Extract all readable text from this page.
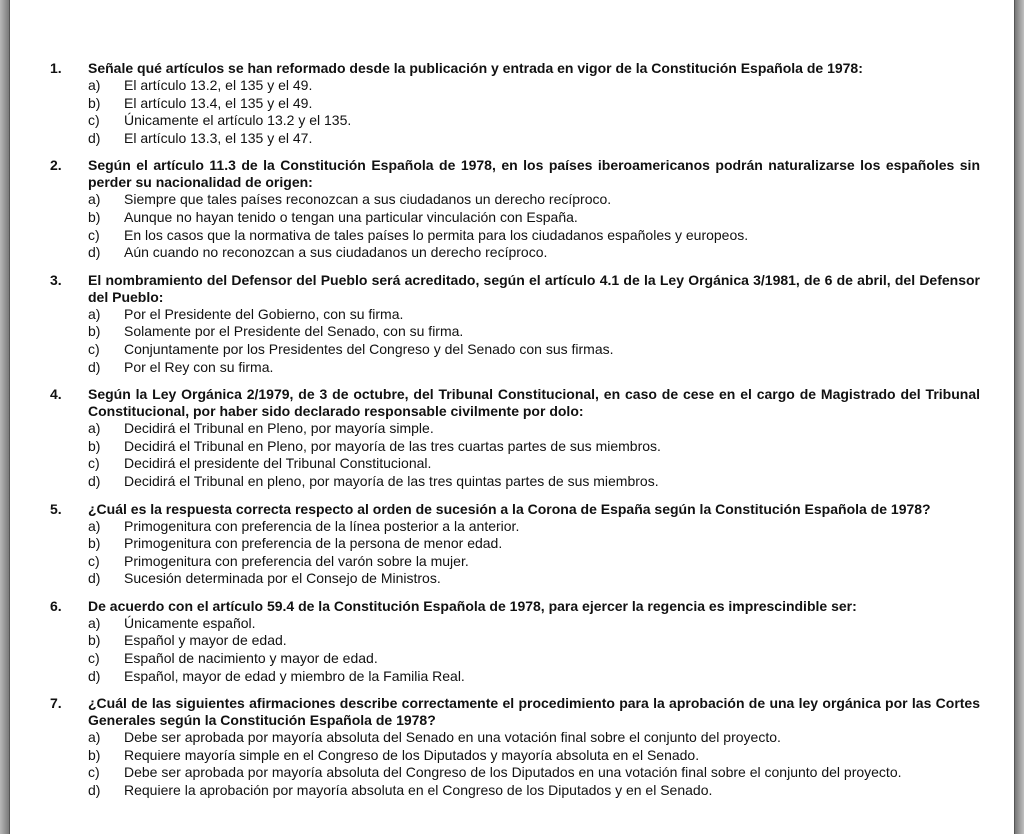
1.	Señale qué artículos se han reformado desde la publicación y entrada en vigor de la Constitución Española de 1978:
a)	El artículo 13.2, el 135 y el 49.
b)	El artículo 13.4, el 135 y el 49.
c)	Únicamente el artículo 13.2 y el 135.
d)	El artículo 13.3, el 135 y el 47.
2.	Según el artículo 11.3 de la Constitución Española de 1978, en los países iberoamericanos podrán naturalizarse los españoles sin perder su nacionalidad de origen:
a)	Siempre que tales países reconozcan a sus ciudadanos un derecho recíproco.
b)	Aunque no hayan tenido o tengan una particular vinculación con España.
c)	En los casos que la normativa de tales países lo permita para los ciudadanos españoles y europeos.
d)	Aún cuando no reconozcan a sus ciudadanos un derecho recíproco.
3.	El nombramiento del Defensor del Pueblo será acreditado, según el artículo 4.1 de la Ley Orgánica 3/1981, de 6 de abril, del Defensor del Pueblo:
a)	Por el Presidente del Gobierno, con su firma.
b)	Solamente por el Presidente del Senado, con su firma.
c)	Conjuntamente por los Presidentes del Congreso y del Senado con sus firmas.
d)	Por el Rey con su firma.
4.	Según la Ley Orgánica 2/1979, de 3 de octubre, del Tribunal Constitucional, en caso de cese en el cargo de Magistrado del Tribunal Constitucional, por haber sido declarado responsable civilmente por dolo:
a)	Decidirá el Tribunal en Pleno, por mayoría simple.
b)	Decidirá el Tribunal en Pleno, por mayoría de las tres cuartas partes de sus miembros.
c)	Decidirá el presidente del Tribunal Constitucional.
d)	Decidirá el Tribunal en pleno, por mayoría de las tres quintas partes de sus miembros.
5.	¿Cuál es la respuesta correcta respecto al orden de sucesión a la Corona de España según la Constitución Española de 1978?
a)	Primogenitura con preferencia de la línea posterior a la anterior.
b)	Primogenitura con preferencia de la persona de menor edad.
c)	Primogenitura con preferencia del varón sobre la mujer.
d)	Sucesión determinada por el Consejo de Ministros.
6.	De acuerdo con el artículo 59.4 de la Constitución Española de 1978, para ejercer la regencia es imprescindible ser:
a)	Únicamente español.
b)	Español y mayor de edad.
c)	Español de nacimiento y mayor de edad.
d)	Español, mayor de edad y miembro de la Familia Real.
7.	¿Cuál de las siguientes afirmaciones describe correctamente el procedimiento para la aprobación de una ley orgánica por las Cortes Generales según la Constitución Española de 1978?
a)	Debe ser aprobada por mayoría absoluta del Senado en una votación final sobre el conjunto del proyecto.
b)	Requiere mayoría simple en el Congreso de los Diputados y mayoría absoluta en el Senado.
c)	Debe ser aprobada por mayoría absoluta del Congreso de los Diputados en una votación final sobre el conjunto del proyecto.
d)	Requiere la aprobación por mayoría absoluta en el Congreso de los Diputados y en el Senado.
